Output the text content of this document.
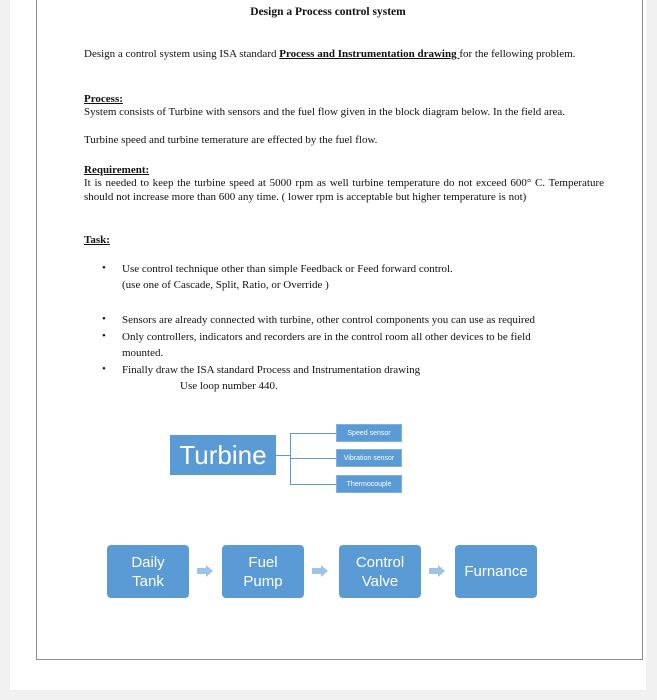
Design a Process control system
Design a control system using ISA standard Process and Instrumentation drawing for the fellowing problem.
Process:
System consists of Turbine with sensors and the fuel flow given in the block diagram below. In the field area.
Turbine speed and turbine temerature are effected by the fuel flow.
Requirement:
It is needed to keep the turbine speed at 5000 rpm as well turbine temperature do not exceed 600° C. Temperature should not increase more than 600 any time. ( lower rpm is acceptable but higher temperature is not)
Task:
• Use control technique other than simple Feedback or Feed forward control.
(use one of Cascade, Split, Ratio, or Override )
• Sensors are already connected with turbine, other control components you can use as required
• Only controllers, indicators and recorders are in the control room all other devices to be field
mounted.
• Finally draw the ISA standard Process and Instrumentation drawing
Use loop number 440.
Turbine
Speed sensor
Vibration sensor
Thermocouple
Daily
Tank
Fuel
Pump
Control
Valve
Furnance
